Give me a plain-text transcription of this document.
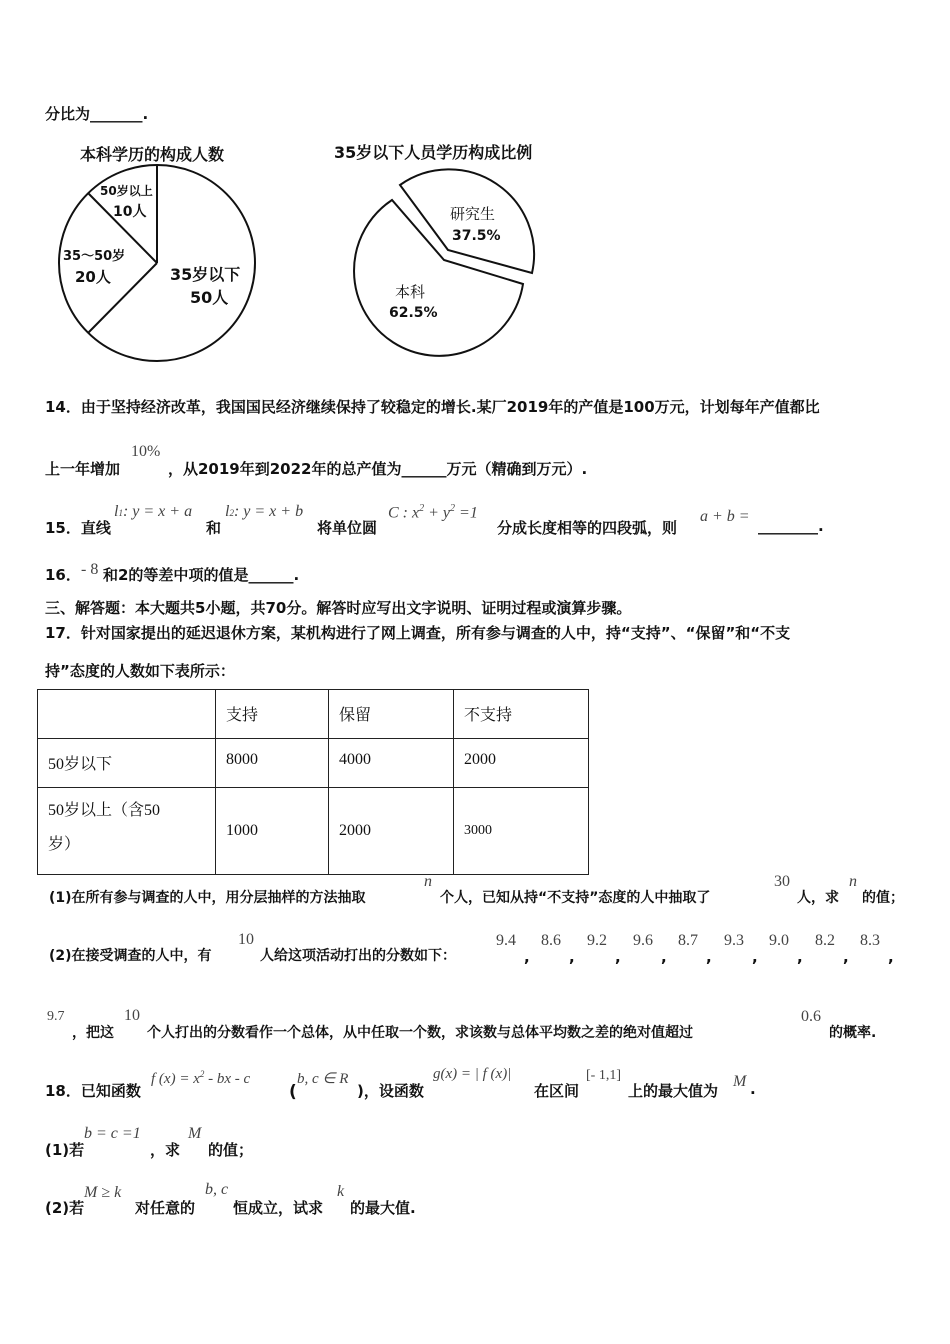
分比为_______.
本科学历的构成人数
50岁以上
10人
35～50岁
20人	35岁以下
50人
35岁以下人员学历构成比例
研究生
37.5%
本科
62.5%
14．由于坚持经济改革，我国国民经济继续保持了较稳定的增长.某厂2019年的产值是100万元，计划每年产值都比
上一年增加
10%
，从2019年到2022年的总产值为______万元（精确到万元）.
15．直线
l1: y = x + a
和
l2: y = x + b
将单位圆
C : $x^2 + y^2 =1$
分成长度相等的四段弧，则
a + b =
________.
16． - 8 和2的等差中项的值是______.
三、解答题：本大题共5小题，共70分。解答时应写出文字说明、证明过程或演算步骤。
17．针对国家提出的延迟退休方案，某机构进行了网上调查，所有参与调查的人中，持“支持”、“保留”和“不支
持”态度的人数如下表所示：
	支持	保留	不支持
50岁以下	8000	4000	2000
50岁以上（含50
岁）	1000	2000	3000
(1)在所有参与调查的人中，用分层抽样的方法抽取
n
个人，已知从持“不支持”态度的人中抽取了
30
人，求
n
的值；
(2)在接受调查的人中，有
10
人给这项活动打出的分数如下：
9.4 8.6 9.2 9.6 8.7 9.3 9.0 8.2 8.3
,	,	,	,	,	,	,	,	,
9.7
，把这
10
个人打出的分数看作一个总体，从中任取一个数，求该数与总体平均数之差的绝对值超过
0.6
的概率.
18．已知函数
f $(x) = x^2$ - bx - c
(
b, c ∈ R
)，设函数
g(x) = | f (x)|
在区间
[- 1,1]
上的最大值为
M .
(1)若
b = c =1
，求
M
的值；
(2)若
M ≥ k
对任意的
b, c
恒成立，试求
k
的最大值.
